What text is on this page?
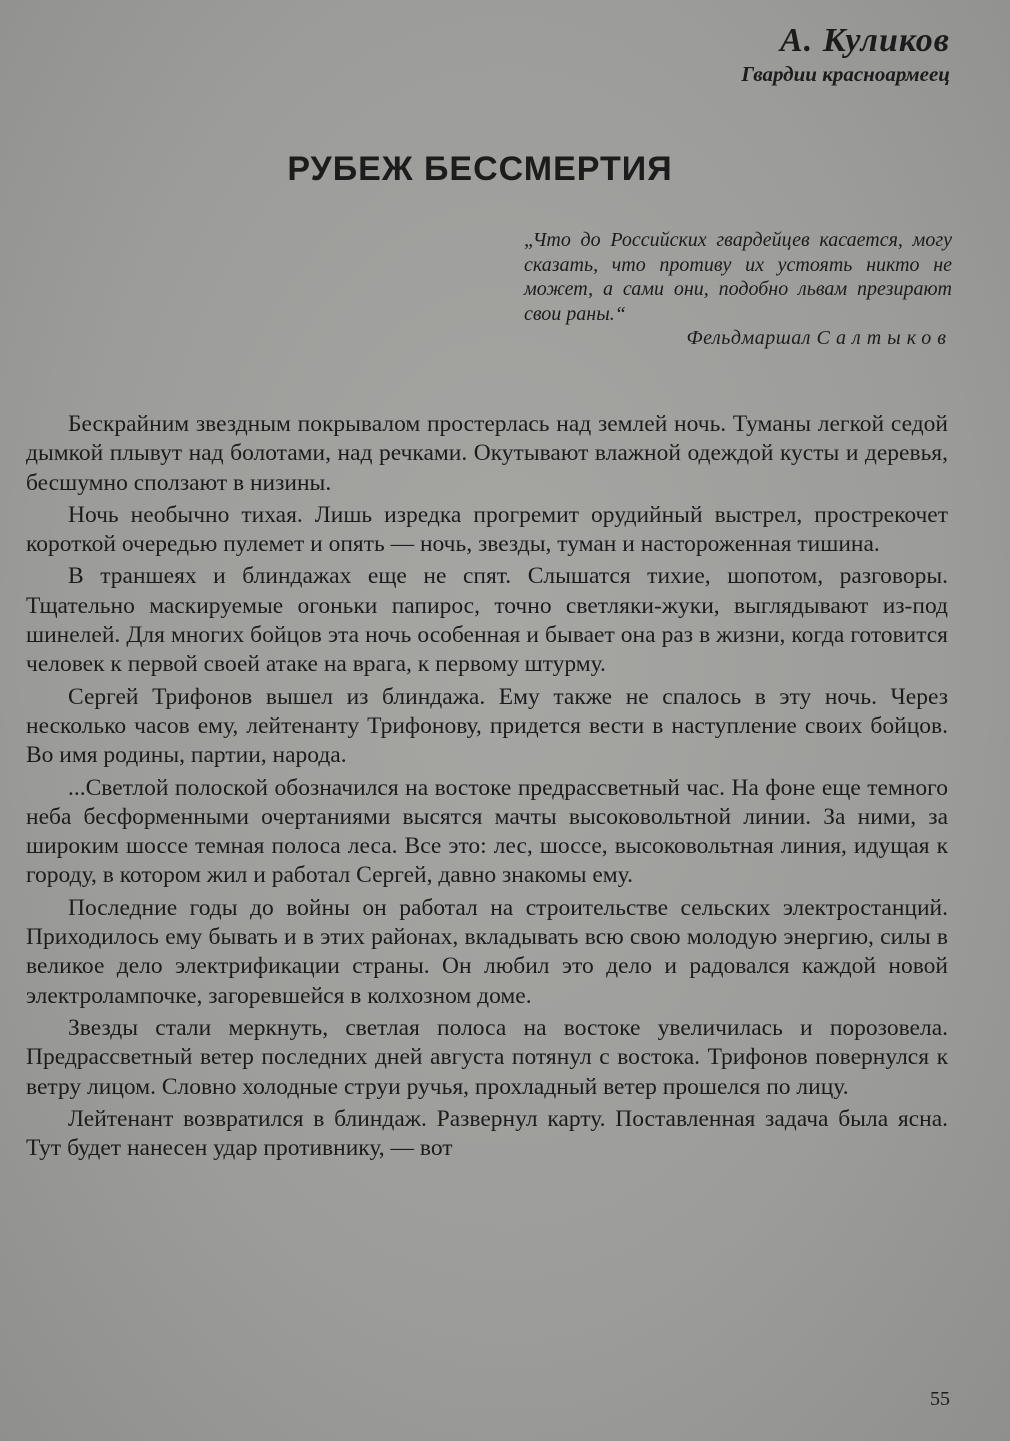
А. Куликов
Гвардии красноармеец
РУБЕЖ БЕССМЕРТИЯ
„Что до Российских гвардейцев касается, могу сказать, что противу их устоять никто не может, а сами они, подобно львам презирают свои раны.“
Фельдмаршал Салтыков

Бескрайним звездным покрывалом простерлась над землей ночь. Туманы легкой седой дымкой плывут над болотами, над речками. Окутывают влажной одеждой кусты и деревья, бесшумно сползают в низины.

Ночь необычно тихая. Лишь изредка прогремит орудийный выстрел, прострекочет короткой очередью пулемет и опять — ночь, звезды, туман и настороженная тишина.

В траншеях и блиндажах еще не спят. Слышатся тихие, шопотом, разговоры. Тщательно маскируемые огоньки папирос, точно светляки-жуки, выглядывают из-под шинелей. Для многих бойцов эта ночь особенная и бывает она раз в жизни, когда готовится человек к первой своей атаке на врага, к первому штурму.

Сергей Трифонов вышел из блиндажа. Ему также не спалось в эту ночь. Через несколько часов ему, лейтенанту Трифонову, придется вести в наступление своих бойцов. Во имя родины, партии, народа.

...Светлой полоской обозначился на востоке предрассветный час. На фоне еще темного неба бесформенными очертаниями высятся мачты высоковольтной линии. За ними, за широким шоссе темная полоса леса. Все это: лес, шоссе, высоковольтная линия, идущая к городу, в котором жил и работал Сергей, давно знакомы ему.

Последние годы до войны он работал на строительстве сельских электростанций. Приходилось ему бывать и в этих районах, вкладывать всю свою молодую энергию, силы в великое дело электрификации страны. Он любил это дело и радовался каждой новой электролампочке, загоревшейся в колхозном доме.

Звезды стали меркнуть, светлая полоса на востоке увеличилась и порозовела. Предрассветный ветер последних дней августа потянул с востока. Трифонов повернулся к ветру лицом. Словно холодные струи ручья, прохладный ветер прошелся по лицу.

Лейтенант возвратился в блиндаж. Развернул карту. Поставленная задача была ясна. Тут будет нанесен удар противнику, — вот

55
